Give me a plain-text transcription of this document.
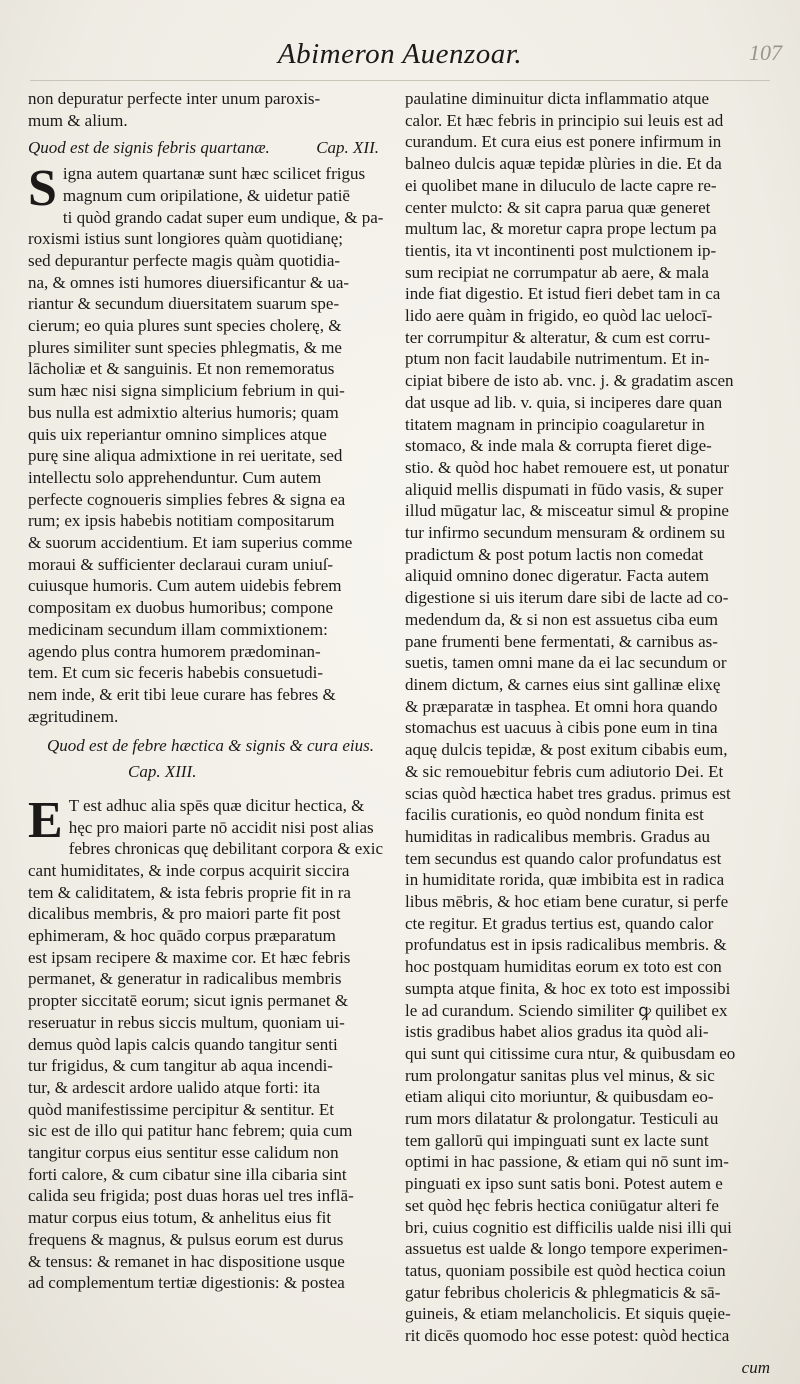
Abimeron Auenzoar.	107
non depuratur perfecte inter unum paroxis-
mum & alium.
Quod est de signis febris quartanæ.	Cap. XII.
S igna autem quartanæ sunt hæc scilicet frigus
magnum cum oripilatione, & uidetur patiē
ti quòd grando cadat super eum undique, & pa-
roxismi istius sunt longiores quàm quotidianę;
sed depurantur perfecte magis quàm quotidia-
na, & omnes isti humores diuersificantur & ua-
riantur & secundum diuersitatem suarum spe-
cierum; eo quia plures sunt species cholerę, &
plures similiter sunt species phlegmatis, & me
lācholiæ et & sanguinis. Et non rememoratus
sum hæc nisi signa simplicium febrium in qui-
bus nulla est admixtio alterius humoris; quam
quis uix reperiantur omnino simplices atque
purę sine aliqua admixtione in rei ueritate, sed
intellectu solo apprehenduntur. Cum autem
perfecte cognoueris simplies febres & signa ea
rum; ex ipsis habebis notitiam compositarum
& suorum accidentium. Et iam superius comme
moraui & sufficienter declaraui curam uniuſ-
cuiusque humoris. Cum autem uidebis febrem
compositam ex duobus humoribus; compone
medicinam secundum illam commixtionem:
agendo plus contra humorem prædominan-
tem. Et cum sic feceris habebis consuetudi-
nem inde, & erit tibi leue curare has febres &
ægritudinem.
Quod est de febre hæctica & signis & cura eius.
Cap. XIII.
E T est adhuc alia spēs quæ dicitur hectica, &
hęc pro maiori parte nō accidit nisi post alias
febres chronicas quę debilitant corpora & exic
cant humiditates, & inde corpus acquirit siccira
tem & caliditatem, & ista febris proprie fit in ra
dicalibus membris, & pro maiori parte fit post
ephimeram, & hoc quādo corpus præparatum
est ipsam recipere & maxime cor. Et hæc febris
permanet, & generatur in radicalibus membris
propter siccitatē eorum; sicut ignis permanet &
reseruatur in rebus siccis multum, quoniam ui-
demus quòd lapis calcis quando tangitur senti
tur frigidus, & cum tangitur ab aqua incendi-
tur, & ardescit ardore ualido atque forti: ita
quòd manifestissime percipitur & sentitur. Et
sic est de illo qui patitur hanc febrem; quia cum
tangitur corpus eius sentitur esse calidum non
forti calore, & cum cibatur sine illa cibaria sint
calida seu frigida; post duas horas uel tres inflā-
matur corpus eius totum, & anhelitus eius fit
frequens & magnus, & pulsus eorum est durus
& tensus: & remanet in hac dispositione usque
ad complementum tertiæ digestionis: & postea
paulatine diminuitur dicta inflammatio atque
calor. Et hæc febris in principio sui leuis est ad
curandum. Et cura eius est ponere infirmum in
balneo dulcis aquæ tepidæ plùries in die. Et da
ei quolibet mane in diluculo de lacte capre re-
center mulcto: & sit capra parua quæ generet
multum lac, & moretur capra prope lectum pa
tientis, ita vt incontinenti post mulctionem ip-
sum recipiat ne corrumpatur ab aere, & mala
inde fiat digestio. Et istud fieri debet tam in ca
lido aere quàm in frigido, eo quòd lac uelocī-
ter corrumpitur & alteratur, & cum est corru-
ptum non facit laudabile nutrimentum. Et in-
cipiat bibere de isto ab. vnc. j. & gradatim ascen
dat usque ad lib. v. quia, si inciperes dare quan
titatem magnam in principio coagularetur in
stomaco, & inde mala & corrupta fieret dige-
stio. & quòd hoc habet remouere est, ut ponatur
aliquid mellis dispumati in fūdo vasis, & super
illud mūgatur lac, & misceatur simul & propine
tur infirmo secundum mensuram & ordinem su
pradictum & post potum lactis non comedat
aliquid omnino donec digeratur. Facta autem
digestione si uis iterum dare sibi de lacte ad co-
medendum da, & si non est assuetus ciba eum
pane frumenti bene fermentati, & carnibus as-
suetis, tamen omni mane da ei lac secundum or
dinem dictum, & carnes eius sint gallinæ elixę
& præparatæ in tasphea. Et omni hora quando
stomachus est uacuus à cibis pone eum in tina
aquę dulcis tepidæ, & post exitum cibabis eum,
& sic remouebitur febris cum adiutorio Dei. Et
scias quòd hæctica habet tres gradus. primus est
facilis curationis, eo quòd nondum finita est
humiditas in radicalibus membris. Gradus au
tem secundus est quando calor profundatus est
in humiditate rorida, quæ imbibita est in radica
libus mēbris, & hoc etiam bene curatur, si perfe
cte regitur. Et gradus tertius est, quando calor
profundatus est in ipsis radicalibus membris. &
hoc postquam humiditas eorum ex toto est con
sumpta atque finita, & hoc ex toto est impossibi
le ad curandum. Sciendo similiter ꝙ quilibet ex
istis gradibus habet alios gradus ita quòd ali-
qui sunt qui citissime cura ntur, & quibusdam eo
rum prolongatur sanitas plus vel minus, & sic
etiam aliqui cito moriuntur, & quibusdam eo-
rum mors dilatatur & prolongatur. Testiculi au
tem gallorū qui impinguati sunt ex lacte sunt
optimi in hac passione, & etiam qui nō sunt im-
pinguati ex ipso sunt satis boni. Potest autem e
set quòd hęc febris hectica coniūgatur alteri fe
bri, cuius cognitio est difficilis ualde nisi illi qui
assuetus est ualde & longo tempore experimen-
tatus, quoniam possibile est quòd hectica coiun
gatur febribus cholericis & phlegmaticis & sā-
guineis, & etiam melancholicis. Et siquis quęie-
rit dicēs quomodo hoc esse potest: quòd hectica
cum
